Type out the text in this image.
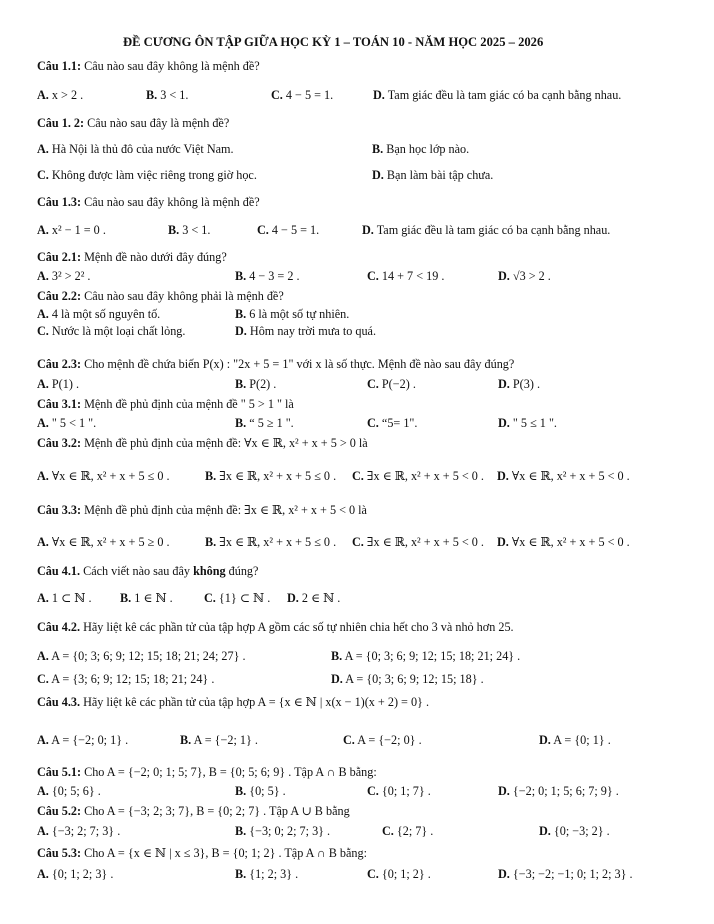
ĐỀ CƯƠNG ÔN TẬP GIỮA HỌC KỲ 1 – TOÁN 10 - NĂM HỌC 2025 – 2026
Câu 1.1: Câu nào sau đây không là mệnh đề?
A. x > 2 .	B. 3 < 1.	C. 4 − 5 = 1.	D. Tam giác đều là tam giác có ba cạnh bằng nhau.
Câu 1. 2: Câu nào sau đây là mệnh đề?
A. Hà Nội là thủ đô của nước Việt Nam.	B. Bạn học lớp nào.
C. Không được làm việc riêng trong giờ học.	D. Bạn làm bài tập chưa.
Câu 1.3: Câu nào sau đây không là mệnh đề?
A. x² − 1 = 0 .	B. 3 < 1.	C. 4 − 5 = 1.	D. Tam giác đều là tam giác có ba cạnh bằng nhau.
Câu 2.1: Mệnh đề nào dưới đây đúng?
A. 3² > 2² .	B. 4 − 3 = 2 .	C. 14 + 7 < 19 .	D. √3 > 2 .
Câu 2.2: Câu nào sau đây không phải là mệnh đề?
A. 4 là một số nguyên tố.	B. 6 là một số tự nhiên.
C. Nước là một loại chất lỏng.	D. Hôm nay trời mưa to quá.
Câu 2.3: Cho mệnh đề chứa biến P(x) : "2x + 5 = 1" với x là số thực. Mệnh đề nào sau đây đúng?
A. P(1) .	B. P(2) .	C. P(−2) .	D. P(3) .
Câu 3.1: Mệnh đề phủ định của mệnh đề " 5 > 1 " là
A. " 5 < 1 ".	B. “ 5 ≥ 1 ".	C. “5= 1".	D. " 5 ≤ 1 ".
Câu 3.2: Mệnh đề phủ định của mệnh đề: ∀x ∈ ℝ, x² + x + 5 > 0 là
A. ∀x ∈ ℝ, x² + x + 5 ≤ 0 .	B. ∃x ∈ ℝ, x² + x + 5 ≤ 0 . C. ∃x ∈ ℝ, x² + x + 5 < 0 . D. ∀x ∈ ℝ, x² + x + 5 < 0 .
Câu 3.3: Mệnh đề phủ định của mệnh đề: ∃x ∈ ℝ, x² + x + 5 < 0 là
A. ∀x ∈ ℝ, x² + x + 5 ≥ 0 .	B. ∃x ∈ ℝ, x² + x + 5 ≤ 0 . C. ∃x ∈ ℝ, x² + x + 5 < 0 . D. ∀x ∈ ℝ, x² + x + 5 < 0 .
Câu 4.1. Cách viết nào sau đây không đúng?
A. 1 ⊂ ℕ . B. 1 ∈ ℕ .	C. {1} ⊂ ℕ . D. 2 ∈ ℕ .
Câu 4.2. Hãy liệt kê các phần tử của tập hợp A gồm các số tự nhiên chia hết cho 3 và nhỏ hơn 25.
A. A = {0; 3; 6; 9; 12; 15; 18; 21; 24; 27} .	B. A = {0; 3; 6; 9; 12; 15; 18; 21; 24} .
C. A = {3; 6; 9; 12; 15; 18; 21; 24} .	D. A = {0; 3; 6; 9; 12; 15; 18} .
Câu 4.3. Hãy liệt kê các phần tử của tập hợp A = {x ∈ ℕ | x(x − 1)(x + 2) = 0} .
A. A = {−2; 0; 1} .	B. A = {−2; 1} .	C. A = {−2; 0} .	D. A = {0; 1} .
Câu 5.1: Cho A = {−2; 0; 1; 5; 7}, B = {0; 5; 6; 9} . Tập A ∩ B bằng:
A. {0; 5; 6} .	B. {0; 5} .	C. {0; 1; 7} .	D. {−2; 0; 1; 5; 6; 7; 9} .
Câu 5.2: Cho A = {−3; 2; 3; 7}, B = {0; 2; 7} . Tập A ∪ B bằng
A. {−3; 2; 7; 3} .	B. {−3; 0; 2; 7; 3} .	C. {2; 7} .	D. {0; −3; 2} .
Câu 5.3: Cho A = {x ∈ ℕ | x ≤ 3}, B = {0; 1; 2} . Tập A ∩ B bằng:
A. {0; 1; 2; 3} .	B. {1; 2; 3} .	C. {0; 1; 2} .	D. {−3; −2; −1; 0; 1; 2; 3} .
